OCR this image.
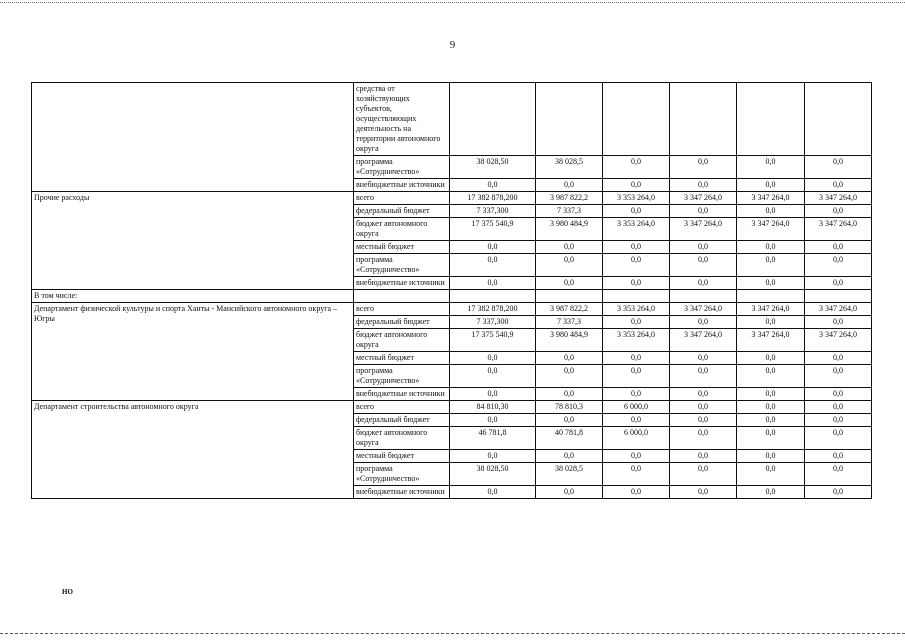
9
	средства от хозяйствующих субъектов, осуществляющих деятельность на территории автономного округа						
	программа «Сотрудничество»	38 028,50	38 028,5	0,0	0,0	0,0	0,0
	внебюджетные источники	0,0	0,0	0,0	0,0	0,0	0,0
Прочие расходы	всего	17 382 878,200	3 987 822,2	3 353 264,0	3 347 264,0	3 347 264,0	3 347 264,0
	федеральный бюджет	7 337,300	7 337,3	0,0	0,0	0,0	0,0
	бюджет автономного округа	17 375 540,9	3 980 484,9	3 353 264,0	3 347 264,0	3 347 264,0	3 347 264,0
	местный бюджет	0,0	0,0	0,0	0,0	0,0	0,0
	программа «Сотрудничество»	0,0	0,0	0,0	0,0	0,0	0,0
	внебюджетные источники	0,0	0,0	0,0	0,0	0,0	0,0
В том числе:							
Департамент физической культуры и спорта Ханты - Мансийского автономного округа – Югры	всего	17 382 878,200	3 987 822,2	3 353 264,0	3 347 264,0	3 347 264,0	3 347 264,0
	федеральный бюджет	7 337,300	7 337,3	0,0	0,0	0,0	0,0
	бюджет автономного округа	17 375 540,9	3 980 484,9	3 353 264,0	3 347 264,0	3 347 264,0	3 347 264,0
	местный бюджет	0,0	0,0	0,0	0,0	0,0	0,0
	программа «Сотрудничество»	0,0	0,0	0,0	0,0	0,0	0,0
	внебюджетные источники	0,0	0,0	0,0	0,0	0,0	0,0
Департамент строительства автономного округа	всего	84 810,30	78 810,3	6 000,0	0,0	0,0	0,0
	федеральный бюджет	0,0	0,0	0,0	0,0	0,0	0,0
	бюджет автономного округа	46 781,8	40 781,8	6 000,0	0,0	0,0	0,0
	местный бюджет	0,0	0,0	0,0	0,0	0,0	0,0
	программа «Сотрудничество»	38 028,50	38 028,5	0,0	0,0	0,0	0,0
	внебюджетные источники	0,0	0,0	0,0	0,0	0,0	0,0
НО
